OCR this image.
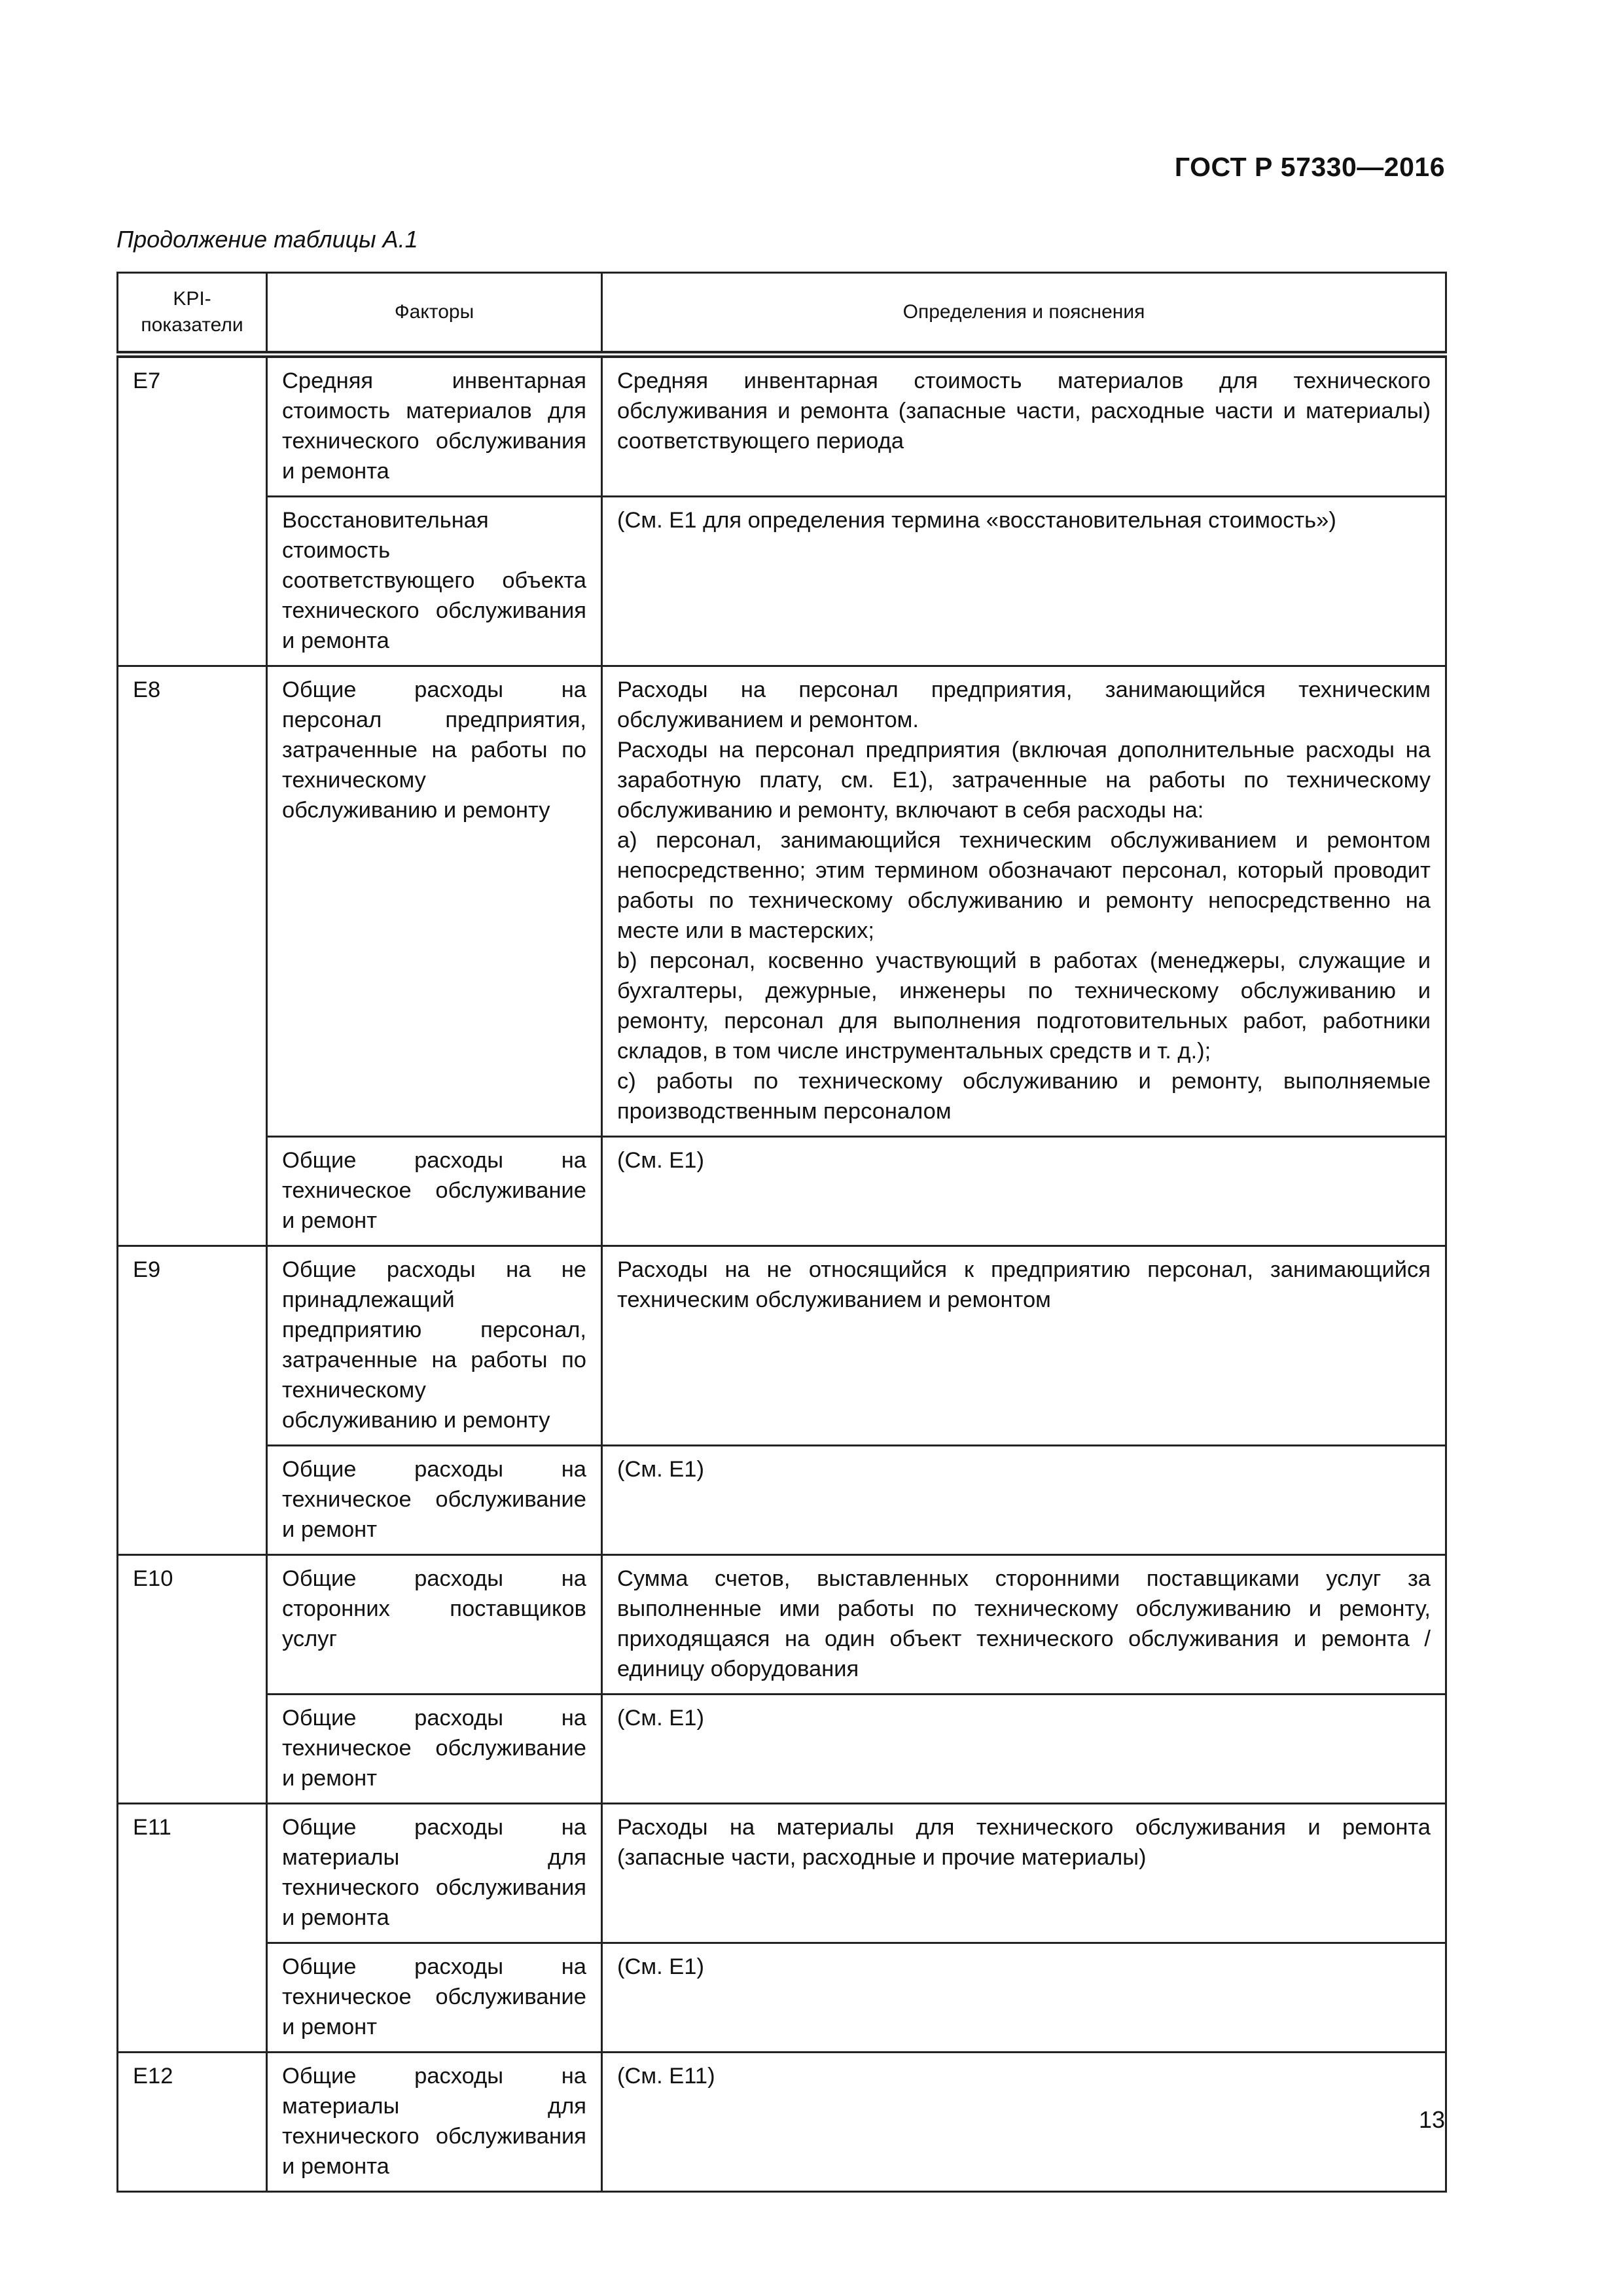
ГОСТ Р 57330—2016
Продолжение таблицы А.1
KPI-показатели	Факторы	Определения и пояснения
E7	Средняя инвентарная стоимость материалов для технического обслуживания и ремонта	Средняя инвентарная стоимость материалов для технического обслуживания и ремонта (запасные части, расходные части и материалы) соответствующего периода

	Восстановительная стоимость соответствующего объекта технического обслуживания и ремонта	(См. Е1 для определения термина «восстановительная стоимость»)

E8	Общие расходы на персонал предприятия, затраченные на работы по техническому обслуживанию и ремонту	Расходы на персонал предприятия, занимающийся техническим обслуживанием и ремонтом.
Расходы на персонал предприятия (включая дополнительные расходы на заработную плату, см. Е1), затраченные на работы по техническому обслуживанию и ремонту, включают в себя расходы на:
a) персонал, занимающийся техническим обслуживанием и ремонтом непосредственно; этим термином обозначают персонал, который проводит работы по техническому обслуживанию и ремонту непосредственно на месте или в мастерских;
b) персонал, косвенно участвующий в работах (менеджеры, служащие и бухгалтеры, дежурные, инженеры по техническому обслуживанию и ремонту, персонал для выполнения подготовительных работ, работники складов, в том числе инструментальных средств и т. д.);
c) работы по техническому обслуживанию и ремонту, выполняемые производственным персоналом

	Общие расходы на техническое обслуживание и ремонт	(См. Е1)

E9	Общие расходы на не принадлежащий предприятию персонал, затраченные на работы по техническому обслуживанию и ремонту	Расходы на не относящийся к предприятию персонал, занимающийся техническим обслуживанием и ремонтом

	Общие расходы на техническое обслуживание и ремонт	(См. Е1)

E10	Общие расходы на сторонних поставщиков услуг	Сумма счетов, выставленных сторонними поставщиками услуг за выполненные ими работы по техническому обслуживанию и ремонту, приходящаяся на один объект технического обслуживания и ремонта / единицу оборудования

	Общие расходы на техническое обслуживание и ремонт	(См. Е1)

E11	Общие расходы на материалы для технического обслуживания и ремонта	Расходы на материалы для технического обслуживания и ремонта (запасные части, расходные и прочие материалы)

	Общие расходы на техническое обслуживание и ремонт	(См. Е1)

E12	Общие расходы на материалы для технического обслуживания и ремонта	(См. Е11)
13
